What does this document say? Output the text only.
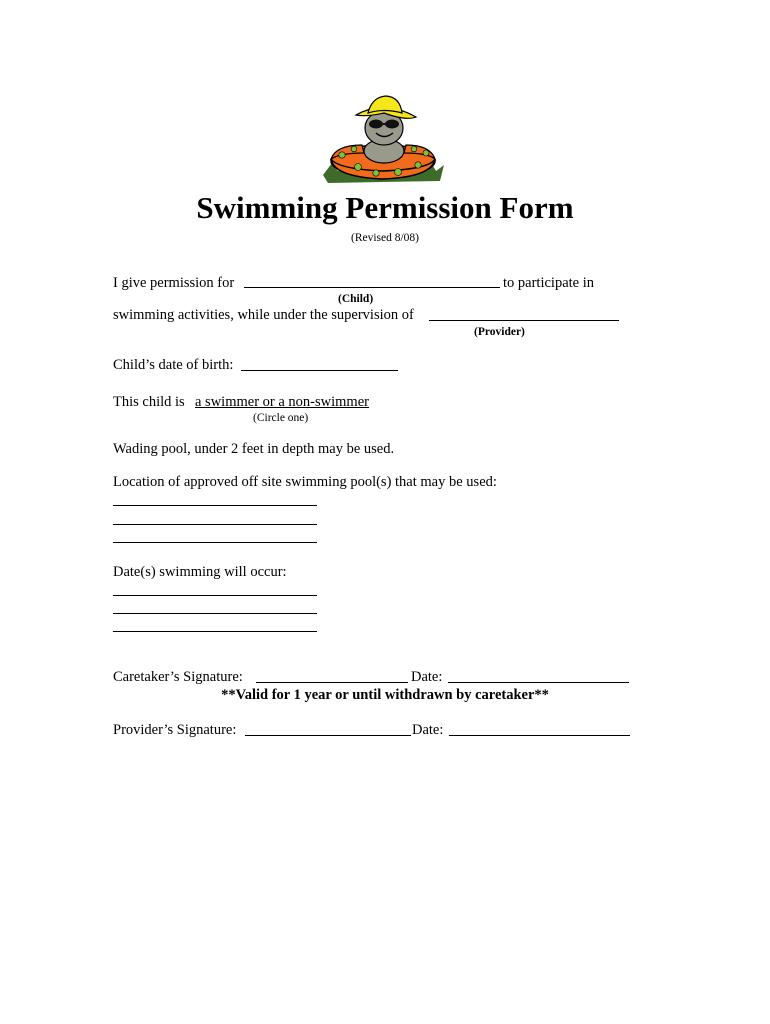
Swimming Permission Form
(Revised 8/08)
I give permission for	to participate in
(Child)
swimming activities, while under the supervision of
(Provider)
Child’s date of birth:
This child is a swimmer or a non-swimmer
(Circle one)
Wading pool, under 2 feet in depth may be used.
Location of approved off site swimming pool(s) that may be used:
Date(s) swimming will occur:
Caretaker’s Signature:	Date:
**Valid for 1 year or until withdrawn by caretaker**
Provider’s Signature:	Date:
